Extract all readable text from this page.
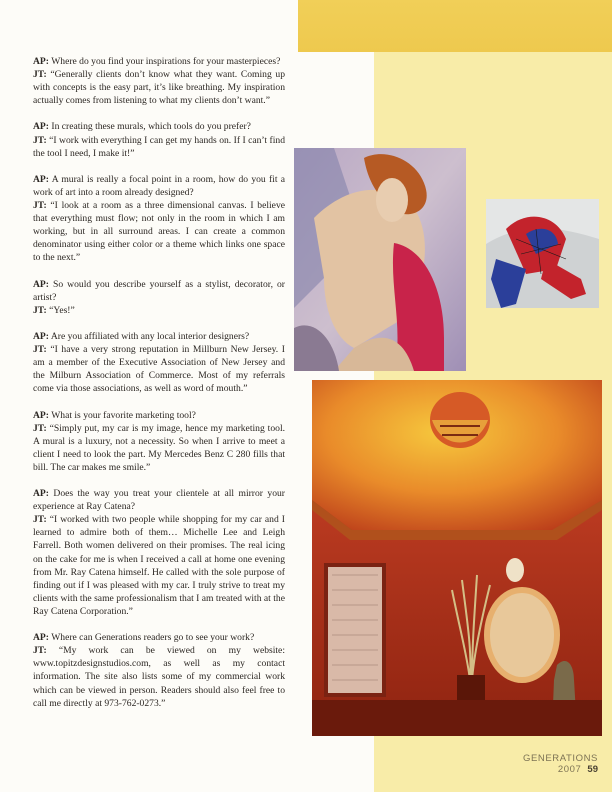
AP: Where do you find your inspirations for your masterpieces?

JT: “Generally clients don’t know what they want. Coming up with concepts is the easy part, it’s like breathing. My inspiration actually comes from listening to what my clients don’t want.”

AP: In creating these murals, which tools do you prefer?

JT: “I work with everything I can get my hands on. If I can’t find the tool I need, I make it!”

AP: A mural is really a focal point in a room, how do you fit a work of art into a room already designed?

JT: “I look at a room as a three dimensional canvas. I believe that everything must flow; not only in the room in which I am working, but in all surround areas. I can create a common denominator using either color or a theme which links one space to the next.”

AP: So would you describe yourself as a stylist, decorator, or artist?

JT: “Yes!”

AP: Are you affiliated with any local interior designers?

JT: “I have a very strong reputation in Millburn New Jersey. I am a member of the Executive Association of New Jersey and the Milburn Association of Commerce. Most of my referrals come via those associations, as well as word of mouth.”

AP: What is your favorite marketing tool?

JT: “Simply put, my car is my image, hence my marketing tool. A mural is a luxury, not a necessity. So when I arrive to meet a client I need to look the part. My Mercedes Benz C 280 fills that bill. The car makes me smile.”

AP: Does the way you treat your clientele at all mirror your experience at Ray Catena?

JT: “I worked with two people while shopping for my car and I learned to admire both of them… Michelle Lee and Leigh Farrell. Both women delivered on their promises. The real icing on the cake for me is when I received a call at home one evening from Mr. Ray Catena himself. He called with the sole purpose of finding out if I was pleased with my car. I truly strive to treat my clients with the same professionalism that I am treated with at the Ray Catena Corporation.”

AP: Where can Generations readers go to see your work?

JT: “My work can be viewed on my website: www.topitzdesignstudios.com, as well as my contact information. The site also lists some of my commercial work which can be viewed in person. Readers should also feel free to call me directly at 973-762-0273.”

GENERATIONS 2007 59
